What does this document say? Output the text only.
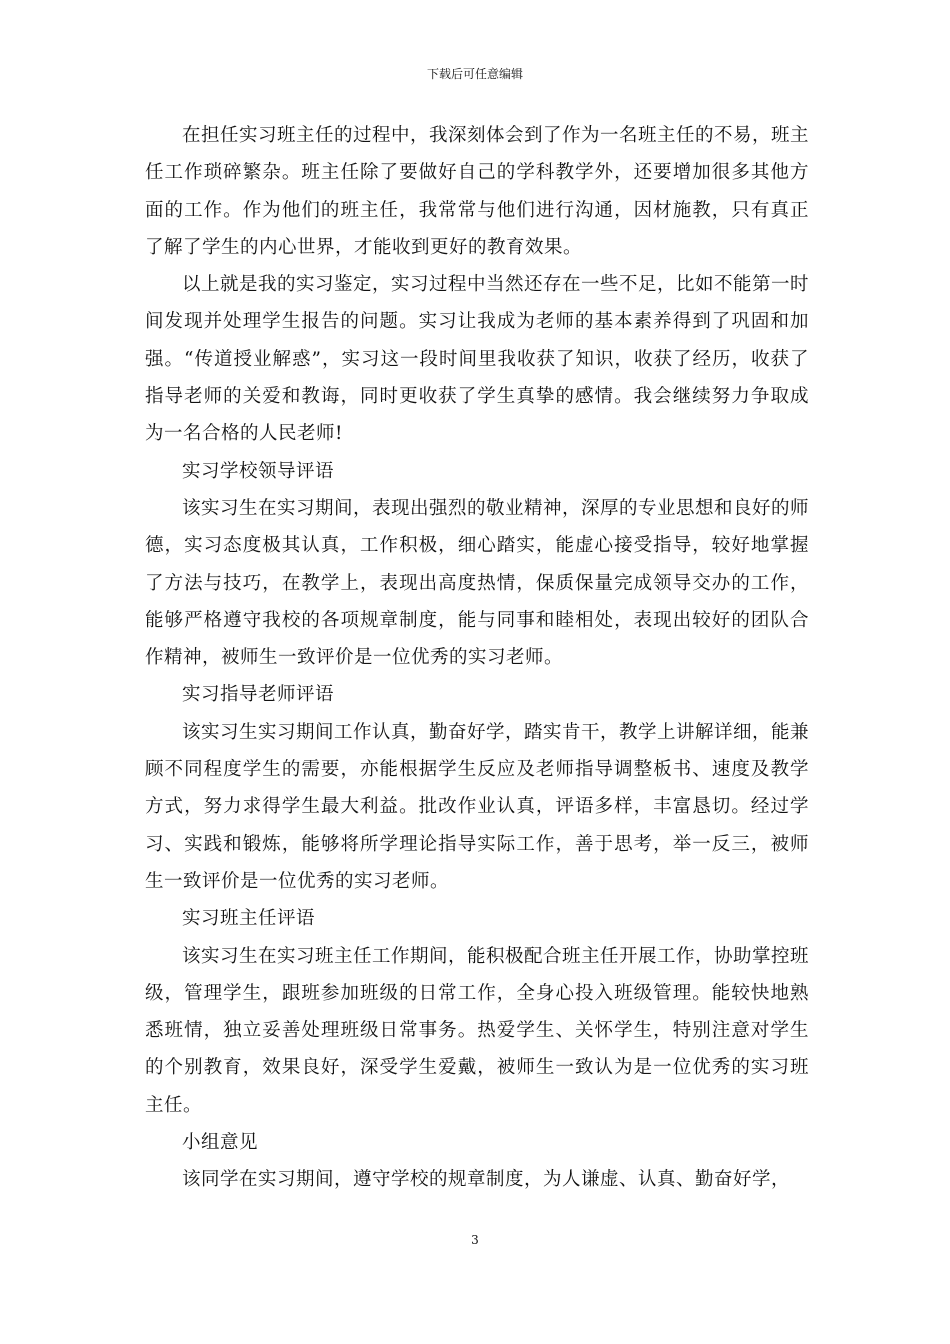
下载后可任意编辑

在担任实习班主任的过程中，我深刻体会到了作为一名班主任的不易，班主任工作琐碎繁杂。班主任除了要做好自己的学科教学外，还要增加很多其他方面的工作。作为他们的班主任，我常常与他们进行沟通，因材施教，只有真正了解了学生的内心世界，才能收到更好的教育效果。

以上就是我的实习鉴定，实习过程中当然还存在一些不足，比如不能第一时间发现并处理学生报告的问题。实习让我成为老师的基本素养得到了巩固和加强。“传道授业解惑”，实习这一段时间里我收获了知识，收获了经历，收获了指导老师的关爱和教诲，同时更收获了学生真挚的感情。我会继续努力争取成为一名合格的人民老师!

实习学校领导评语

该实习生在实习期间，表现出强烈的敬业精神，深厚的专业思想和良好的师德，实习态度极其认真，工作积极，细心踏实，能虚心接受指导，较好地掌握了方法与技巧，在教学上，表现出高度热情，保质保量完成领导交办的工作，能够严格遵守我校的各项规章制度，能与同事和睦相处，表现出较好的团队合作精神，被师生一致评价是一位优秀的实习老师。

实习指导老师评语

该实习生实习期间工作认真，勤奋好学，踏实肯干，教学上讲解详细，能兼顾不同程度学生的需要，亦能根据学生反应及老师指导调整板书、速度及教学方式，努力求得学生最大利益。批改作业认真，评语多样，丰富恳切。经过学习、实践和锻炼，能够将所学理论指导实际工作，善于思考，举一反三，被师生一致评价是一位优秀的实习老师。

实习班主任评语

该实习生在实习班主任工作期间，能积极配合班主任开展工作，协助掌控班级，管理学生，跟班参加班级的日常工作，全身心投入班级管理。能较快地熟悉班情，独立妥善处理班级日常事务。热爱学生、关怀学生，特别注意对学生的个别教育，效果良好，深受学生爱戴，被师生一致认为是一位优秀的实习班主任。

小组意见

该同学在实习期间，遵守学校的规章制度，为人谦虚、认真、勤奋好学，

3
